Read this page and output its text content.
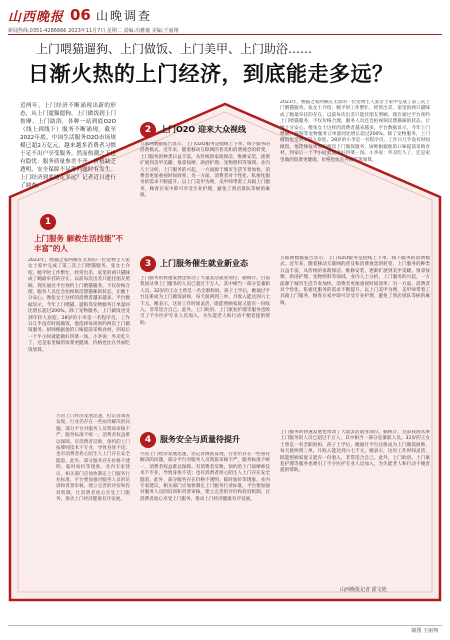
山西晚报 06 山晚调查
新闻热线:0351-4286666 2023年11月7日 星期二 责编:冯雅璇 美编:王丽翔
上门喂猫遛狗、上门做饭、上门美甲、上门助浴……
日渐火热的上门经济，到底能走多远？
近两年，上门经济不断涌现出新的形态，从上门遛猫遛狗、上门做饭到上门按摩、上门助浴，各种一站到底O2O（线上到线下）服务不断涌现。截至2022年底，中国生活服务O2O市场规模已超2万亿元，越来越多消费者习惯于足不出户享受服务。然而热潮之下也有隐忧：服务质量参差不齐、价格缺乏透明、安全保障不足等问题时有发生。上门经济到底能走多远？记者近日进行了调查。
1
上门服务 解救生活技能"不丰富"的人
2023年，喂猫之家阿姨在太原的一位宠物主人张女士家中完成了第三次上门喂猫服务。张女士介绍，她平时工作繁忙，经常出差，家里的两只猫咪成了她最牵挂的存在。以前每次出差只能托朋友照顾，现在通过平台预约上门喂猫服务，不仅价格合理，服务人员还会拍视频反馈猫咪的状态，让她十分安心。像张女士这样的消费者越来越多。平台数据显示，今年上门喂猫、遛狗等宠物服务订单量同比增长超过200%。除了宠物服务，上门做饭也受到年轻人欢迎。28岁的小李是一名程序员，工作日几乎没有时间做饭，他选择每周预约两次上门做饭服务，厨师根据他的口味提前采购食材，到家后一个半小时就能做好四菜一汤。小李说：外卖吃久了，还是家里做的饭菜更健康，价格也比在外面吃饭划算。
尽管上门经济发展迅速，但记者调查发现，行业仍存在一些亟待解决的问题。部分平台对服务人员资质审核不严，服务标准不统一，消费者权益难以保障。有消费者反映，预约的上门按摩师技术不专业，导致身体不适；也有消费者担心陌生人上门存在安全隐患。此外，部分服务存在价格不透明、临时加价等现象。业内专家建议，相关部门应加快制定上门服务行业标准，平台要加强对服务人员的培训和背景审核，建立完善的评价和投诉机制，让消费者放心享受上门服务，推动上门经济健康有序发展。
2	上门O2O 迎来大众视线
互联网数据报告显示，上门O2O服务是指线上下单、线下服务的消费模式。近年来，随着移动互联网的普及和消费观念的转变，上门服务的种类日益丰富，从传统的家政保洁、维修安装，逐渐扩展到美甲美睫、推拿按摩、助浴护理、宠物照料等领域。业内人士分析，上门服务的兴起，一方面源于城市生活节奏加快，消费者更加重视时间效率；另一方面，消费者对个性化、私密化服务的需求不断提升。以上门美甲为例，美甲师带着工具箱上门服务，顾客在家中即可享受专业护理，避免了到店排队等候的麻烦。
2023年，喂猫之家阿姨在太原的一位宠物主人张女士家中完成了第三次上门喂猫服务。张女士介绍，她平时工作繁忙，经常出差，家里的两只猫咪成了她最牵挂的存在。以前每次出差只能托朋友照顾，现在通过平台预约上门喂猫服务，不仅价格合理，服务人员还会拍视频反馈猫咪的状态，让她十分安心。像张女士这样的消费者越来越多。平台数据显示，今年上门喂猫、遛狗等宠物服务订单量同比增长超过200%。除了宠物服务，上门做饭也受到年轻人欢迎。28岁的小李是一名程序员，工作日几乎没有时间做饭，他选择每周预约两次上门做饭服务，厨师根据他的口味提前采购食材，到家后一个半小时就能做好四菜一汤。小李说：外卖吃久了，还是家里做的饭菜更健康，价格也比在外面吃饭划算。
3	上门服务催生就业新业态
上门服务的快速发展也带动了大量灵活就业岗位。据统计，目前我国从事上门服务的人员已超过千万人，其中相当一部分是兼职人员。32岁的王女士曾是一名全职妈妈，孩子上学后，她通过平台注册成为上门做饭厨师，每天接两到三单，月收入能达到六七千元。她表示，这份工作时间灵活，既能照顾家庭又能有一份收入，非常适合自己。此外，上门助浴、上门康复护理等服务也吸引了不少医护专业人员加入，为失能老人和行动不便者提供帮助。
互联网数据报告显示，上门O2O服务是指线上下单、线下服务的消费模式。近年来，随着移动互联网的普及和消费观念的转变，上门服务的种类日益丰富，从传统的家政保洁、维修安装，逐渐扩展到美甲美睫、推拿按摩、助浴护理、宠物照料等领域。业内人士分析，上门服务的兴起，一方面源于城市生活节奏加快，消费者更加重视时间效率；另一方面，消费者对个性化、私密化服务的需求不断提升。以上门美甲为例，美甲师带着工具箱上门服务，顾客在家中即可享受专业护理，避免了到店排队等候的麻烦。
4	服务安全与质量待提升
尽管上门经济发展迅速，但记者调查发现，行业仍存在一些亟待解决的问题。部分平台对服务人员资质审核不严，服务标准不统一，消费者权益难以保障。有消费者反映，预约的上门按摩师技术不专业，导致身体不适；也有消费者担心陌生人上门存在安全隐患。此外，部分服务存在价格不透明、临时加价等现象。业内专家建议，相关部门应加快制定上门服务行业标准，平台要加强对服务人员的培训和背景审核，建立完善的评价和投诉机制，让消费者放心享受上门服务，推动上门经济健康有序发展。
上门服务的快速发展也带动了大量灵活就业岗位。据统计，目前我国从事上门服务的人员已超过千万人，其中相当一部分是兼职人员。32岁的王女士曾是一名全职妈妈，孩子上学后，她通过平台注册成为上门做饭厨师，每天接两到三单，月收入能达到六七千元。她表示，这份工作时间灵活，既能照顾家庭又能有一份收入，非常适合自己。此外，上门助浴、上门康复护理等服务也吸引了不少医护专业人员加入，为失能老人和行动不便者提供帮助。
山西晚报记者 霍文艳
制图 王丽翔
